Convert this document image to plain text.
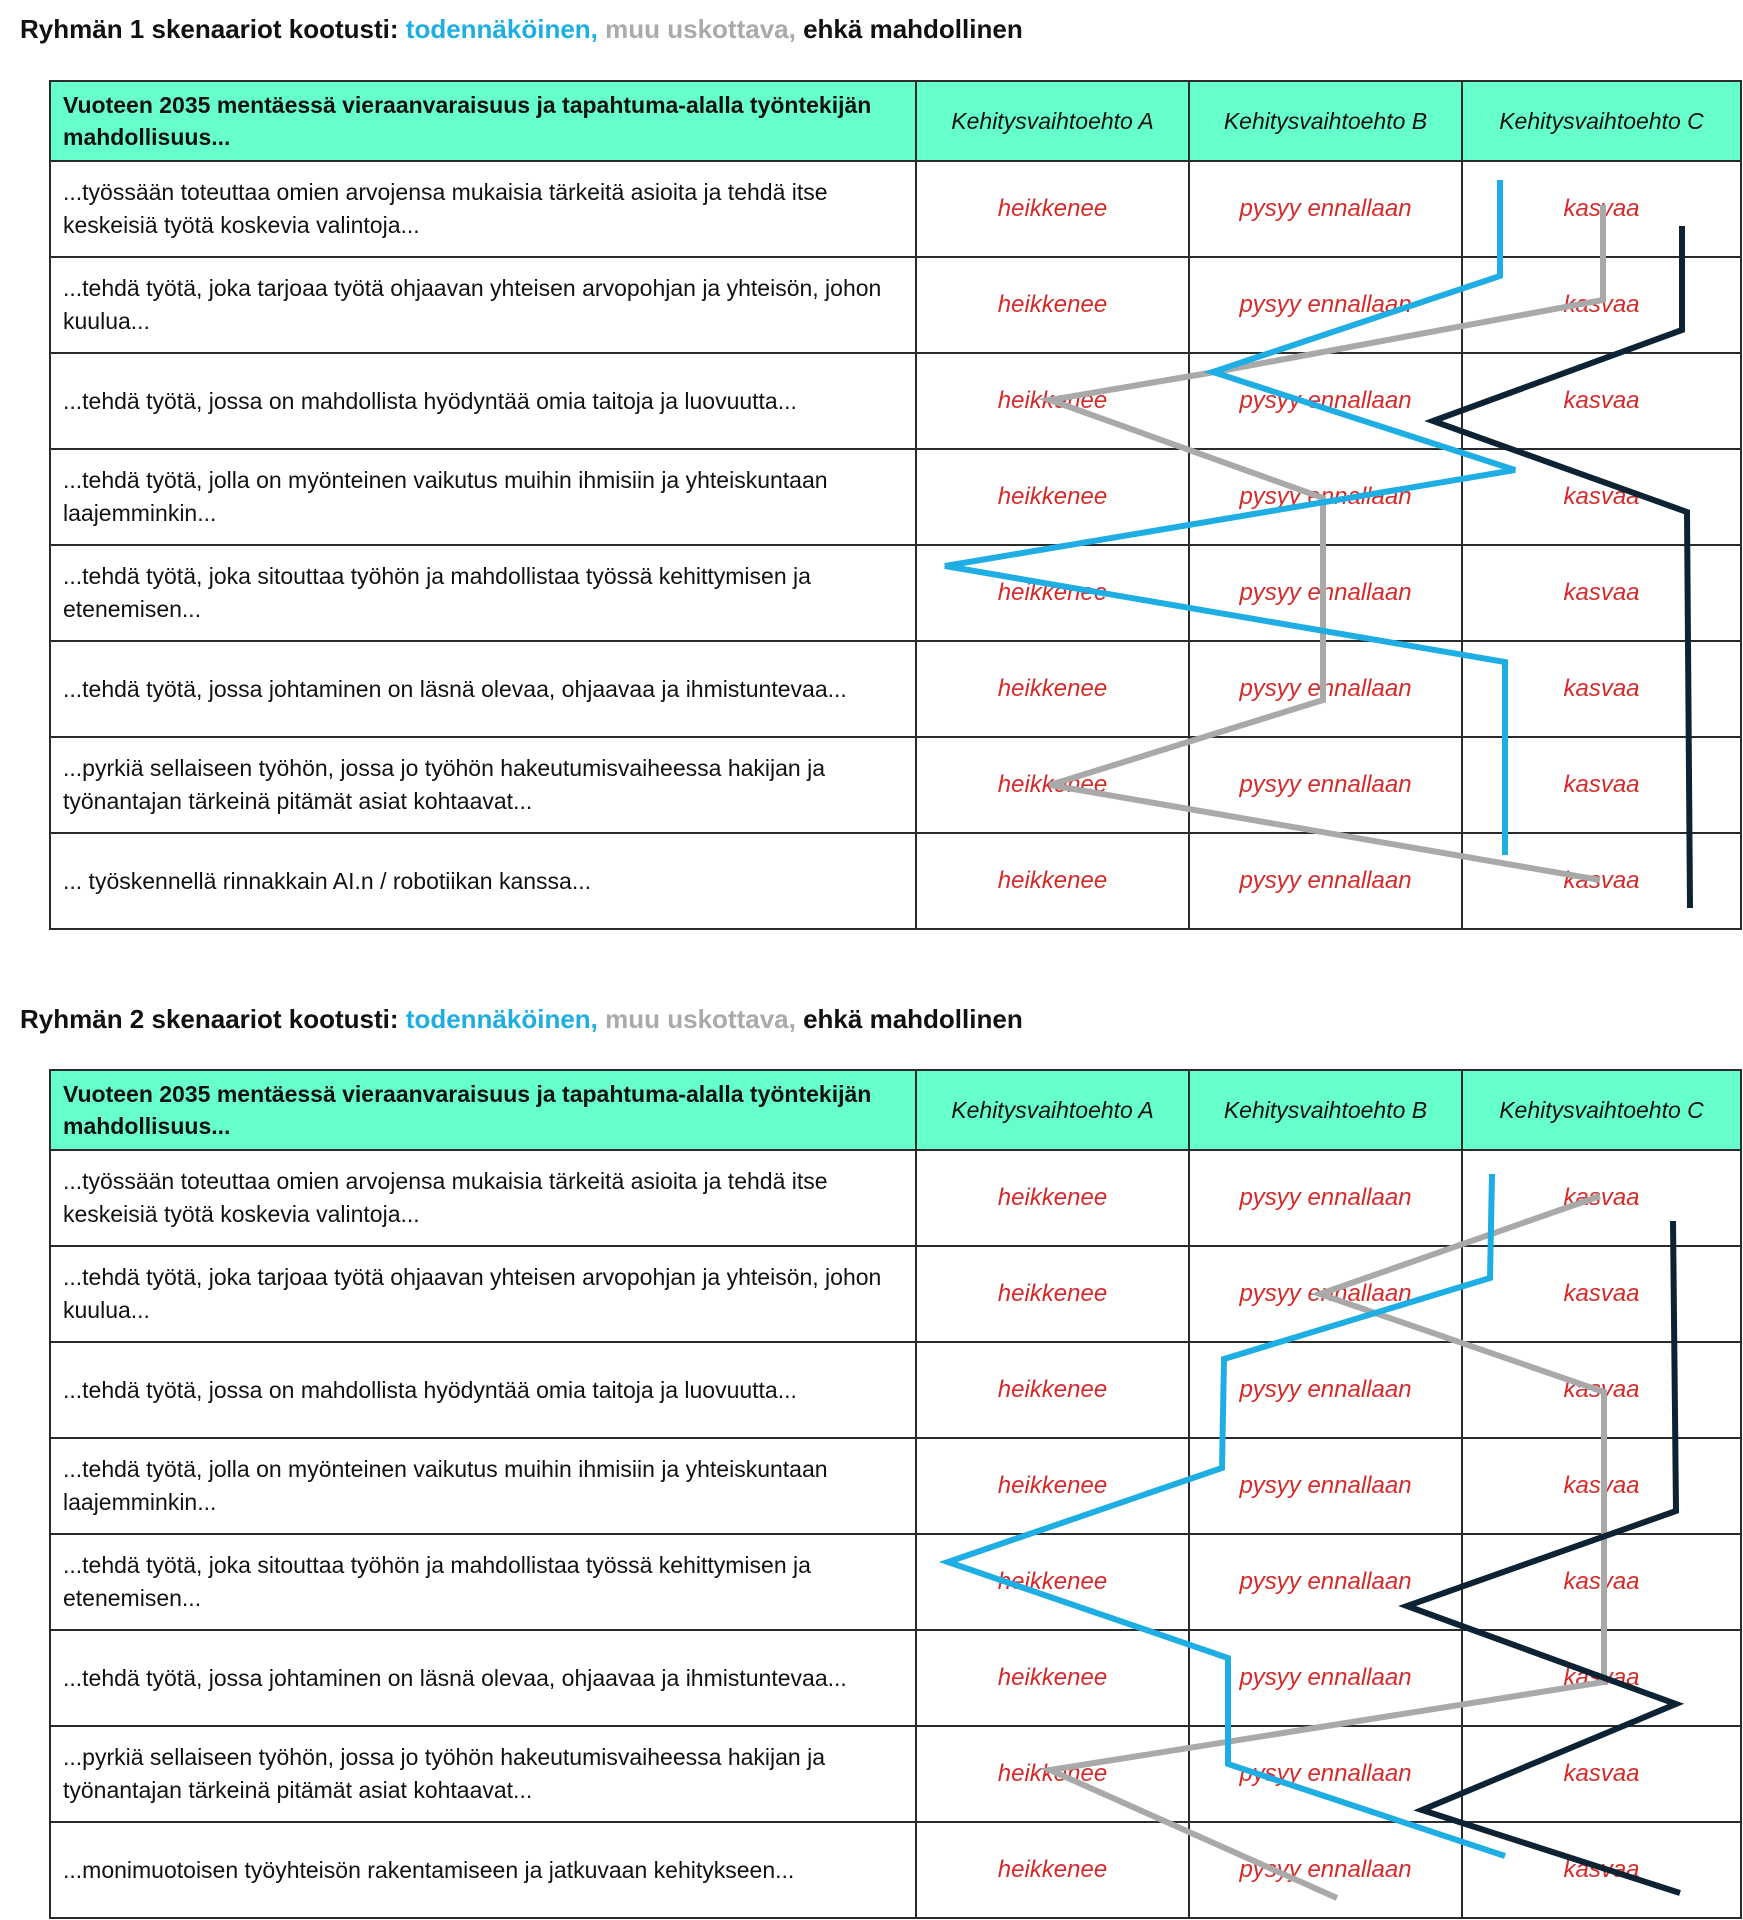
Ryhmän 1 skenaariot kootusti: todennäköinen, muu uskottava, ehkä mahdollinen
Vuoteen 2035 mentäessä vieraanvaraisuus ja tapahtuma-alalla työntekijän mahdollisuus...	Kehitysvaihtoehto A	Kehitysvaihtoehto B	Kehitysvaihtoehto C
...työssään toteuttaa omien arvojensa mukaisia tärkeitä asioita ja tehdä itse keskeisiä työtä koskevia valintoja...	heikkenee	pysyy ennallaan	kasvaa
...tehdä työtä, joka tarjoaa työtä ohjaavan yhteisen arvopohjan ja yhteisön, johon kuulua...	heikkenee	pysyy ennallaan	kasvaa
...tehdä työtä, jossa on mahdollista hyödyntää omia taitoja ja luovuutta...	heikkenee	pysyy ennallaan	kasvaa
...tehdä työtä, jolla on myönteinen vaikutus muihin ihmisiin ja yhteiskuntaan laajemminkin...	heikkenee	pysyy ennallaan	kasvaa
...tehdä työtä, joka sitouttaa työhön ja mahdollistaa työssä kehittymisen ja etenemisen...	heikkenee	pysyy ennallaan	kasvaa
...tehdä työtä, jossa johtaminen on läsnä olevaa, ohjaavaa ja ihmistuntevaa...	heikkenee	pysyy ennallaan	kasvaa
...pyrkiä sellaiseen työhön, jossa jo työhön hakeutumisvaiheessa hakijan ja työnantajan tärkeinä pitämät asiat kohtaavat...	heikkenee	pysyy ennallaan	kasvaa
... työskennellä rinnakkain AI.n / robotiikan kanssa...	heikkenee	pysyy ennallaan	kasvaa
Ryhmän 2 skenaariot kootusti: todennäköinen, muu uskottava, ehkä mahdollinen
Vuoteen 2035 mentäessä vieraanvaraisuus ja tapahtuma-alalla työntekijän mahdollisuus...	Kehitysvaihtoehto A	Kehitysvaihtoehto B	Kehitysvaihtoehto C
...työssään toteuttaa omien arvojensa mukaisia tärkeitä asioita ja tehdä itse keskeisiä työtä koskevia valintoja...	heikkenee	pysyy ennallaan	kasvaa
...tehdä työtä, joka tarjoaa työtä ohjaavan yhteisen arvopohjan ja yhteisön, johon kuulua...	heikkenee	pysyy ennallaan	kasvaa
...tehdä työtä, jossa on mahdollista hyödyntää omia taitoja ja luovuutta...	heikkenee	pysyy ennallaan	kasvaa
...tehdä työtä, jolla on myönteinen vaikutus muihin ihmisiin ja yhteiskuntaan laajemminkin...	heikkenee	pysyy ennallaan	kasvaa
...tehdä työtä, joka sitouttaa työhön ja mahdollistaa työssä kehittymisen ja etenemisen...	heikkenee	pysyy ennallaan	kasvaa
...tehdä työtä, jossa johtaminen on läsnä olevaa, ohjaavaa ja ihmistuntevaa...	heikkenee	pysyy ennallaan	kasvaa
...pyrkiä sellaiseen työhön, jossa jo työhön hakeutumisvaiheessa hakijan ja työnantajan tärkeinä pitämät asiat kohtaavat...	heikkenee	pysyy ennallaan	kasvaa
...monimuotoisen työyhteisön rakentamiseen ja jatkuvaan kehitykseen...	heikkenee	pysyy ennallaan	kasvaa
